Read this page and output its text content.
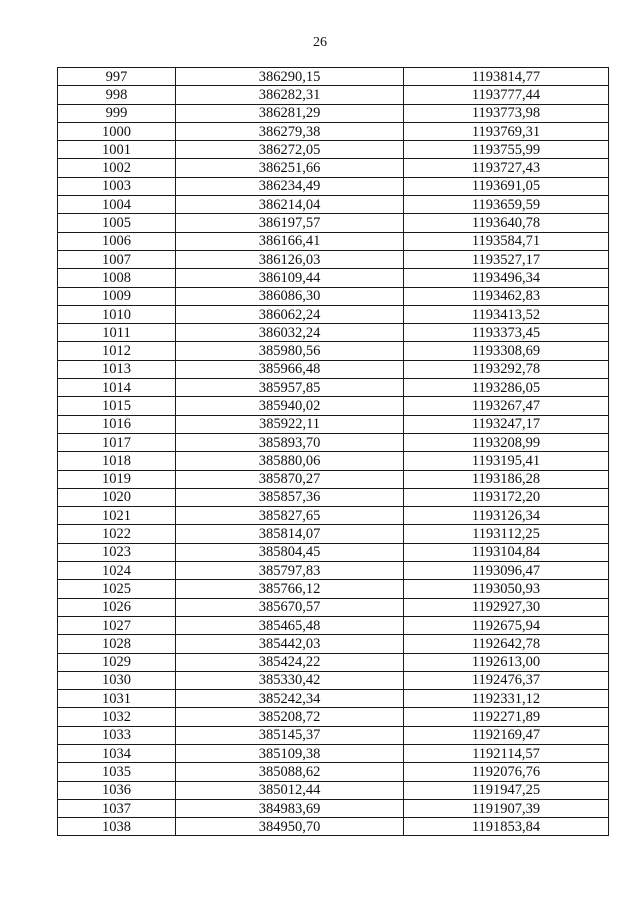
26
997	386290,15	1193814,77
998	386282,31	1193777,44
999	386281,29	1193773,98
1000	386279,38	1193769,31
1001	386272,05	1193755,99
1002	386251,66	1193727,43
1003	386234,49	1193691,05
1004	386214,04	1193659,59
1005	386197,57	1193640,78
1006	386166,41	1193584,71
1007	386126,03	1193527,17
1008	386109,44	1193496,34
1009	386086,30	1193462,83
1010	386062,24	1193413,52
1011	386032,24	1193373,45
1012	385980,56	1193308,69
1013	385966,48	1193292,78
1014	385957,85	1193286,05
1015	385940,02	1193267,47
1016	385922,11	1193247,17
1017	385893,70	1193208,99
1018	385880,06	1193195,41
1019	385870,27	1193186,28
1020	385857,36	1193172,20
1021	385827,65	1193126,34
1022	385814,07	1193112,25
1023	385804,45	1193104,84
1024	385797,83	1193096,47
1025	385766,12	1193050,93
1026	385670,57	1192927,30
1027	385465,48	1192675,94
1028	385442,03	1192642,78
1029	385424,22	1192613,00
1030	385330,42	1192476,37
1031	385242,34	1192331,12
1032	385208,72	1192271,89
1033	385145,37	1192169,47
1034	385109,38	1192114,57
1035	385088,62	1192076,76
1036	385012,44	1191947,25
1037	384983,69	1191907,39
1038	384950,70	1191853,84
